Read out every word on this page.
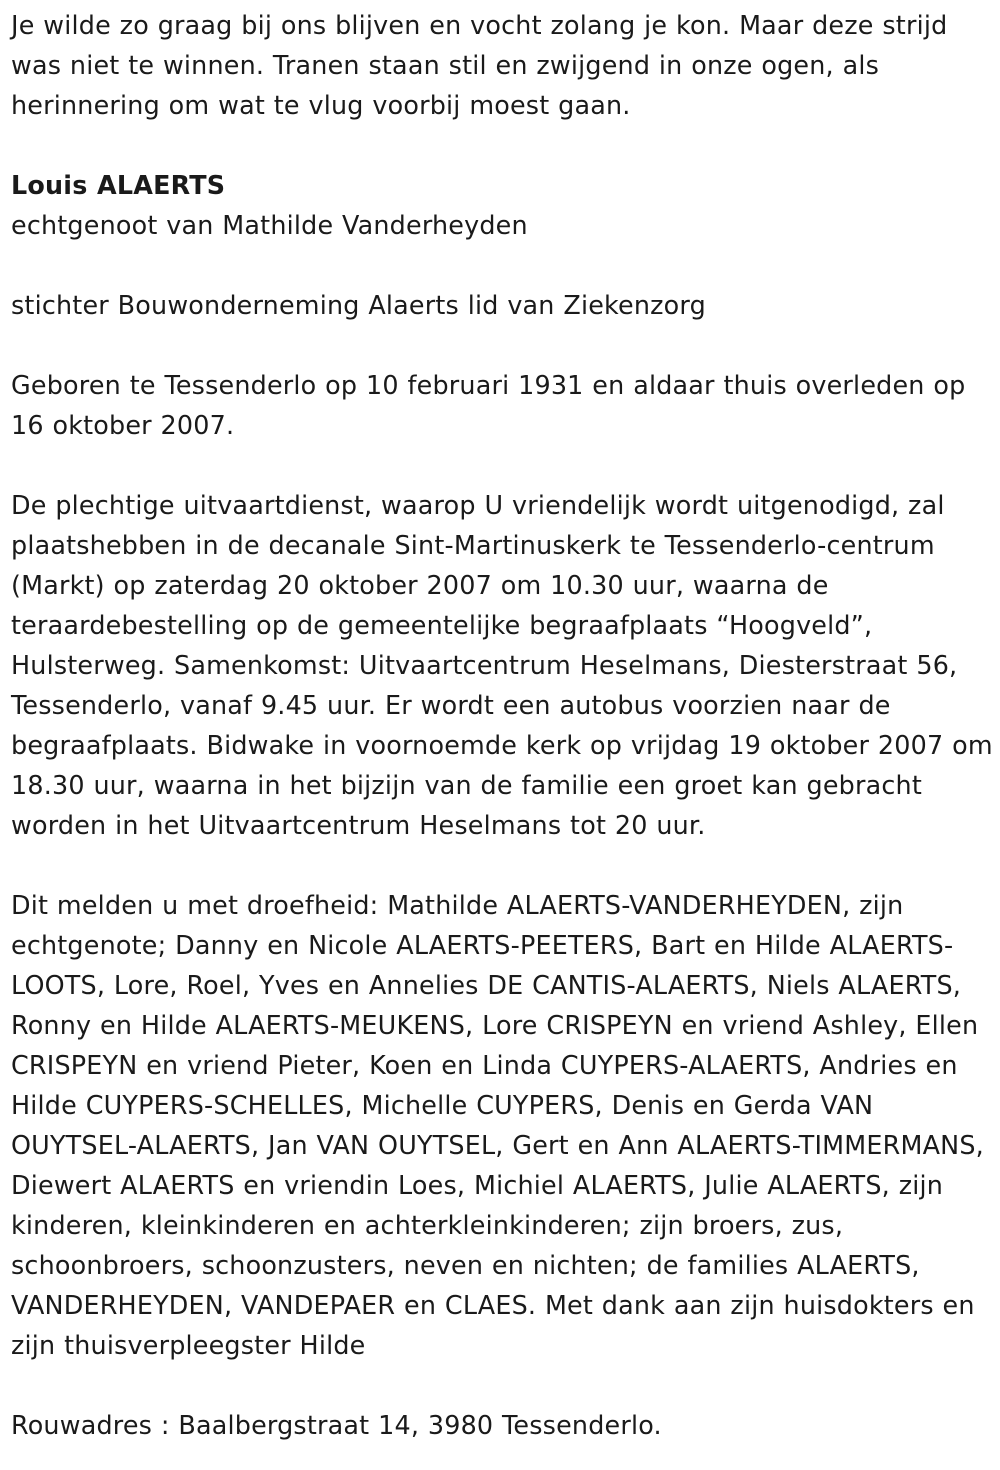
Je wilde zo graag bij ons blijven en vocht zolang je kon. Maar deze strijd was niet te winnen. Tranen staan stil en zwijgend in onze ogen, als herinnering om wat te vlug voorbij moest gaan.

Louis ALAERTS

echtgenoot van Mathilde Vanderheyden

stichter Bouwonderneming Alaerts lid van Ziekenzorg

Geboren te Tessenderlo op 10 februari 1931 en aldaar thuis overleden op 16 oktober 2007.

De plechtige uitvaartdienst, waarop U vriendelijk wordt uitgenodigd, zal plaatshebben in de decanale Sint-Martinuskerk te Tessenderlo-centrum (Markt) op zaterdag 20 oktober 2007 om 10.30 uur, waarna de teraardebestelling op de gemeentelijke begraafplaats “Hoogveld”, Hulsterweg. Samenkomst: Uitvaartcentrum Heselmans, Diesterstraat 56, Tessenderlo, vanaf 9.45 uur. Er wordt een autobus voorzien naar de begraafplaats. Bidwake in voornoemde kerk op vrijdag 19 oktober 2007 om 18.30 uur, waarna in het bijzijn van de familie een groet kan gebracht worden in het Uitvaartcentrum Heselmans tot 20 uur.

Dit melden u met droefheid: Mathilde ALAERTS-VANDERHEYDEN, zijn echtgenote; Danny en Nicole ALAERTS-PEETERS, Bart en Hilde ALAERTS-LOOTS, Lore, Roel, Yves en Annelies DE CANTIS-ALAERTS, Niels ALAERTS, Ronny en Hilde ALAERTS-MEUKENS, Lore CRISPEYN en vriend Ashley, Ellen CRISPEYN en vriend Pieter, Koen en Linda CUYPERS-ALAERTS, Andries en Hilde CUYPERS-SCHELLES, Michelle CUYPERS, Denis en Gerda VAN OUYTSEL-ALAERTS, Jan VAN OUYTSEL, Gert en Ann ALAERTS-TIMMERMANS, Diewert ALAERTS en vriendin Loes, Michiel ALAERTS, Julie ALAERTS, zijn kinderen, kleinkinderen en achterkleinkinderen; zijn broers, zus, schoonbroers, schoonzusters, neven en nichten; de families ALAERTS, VANDERHEYDEN, VANDEPAER en CLAES. Met dank aan zijn huisdokters en zijn thuisverpleegster Hilde

Rouwadres : Baalbergstraat 14, 3980 Tessenderlo.
